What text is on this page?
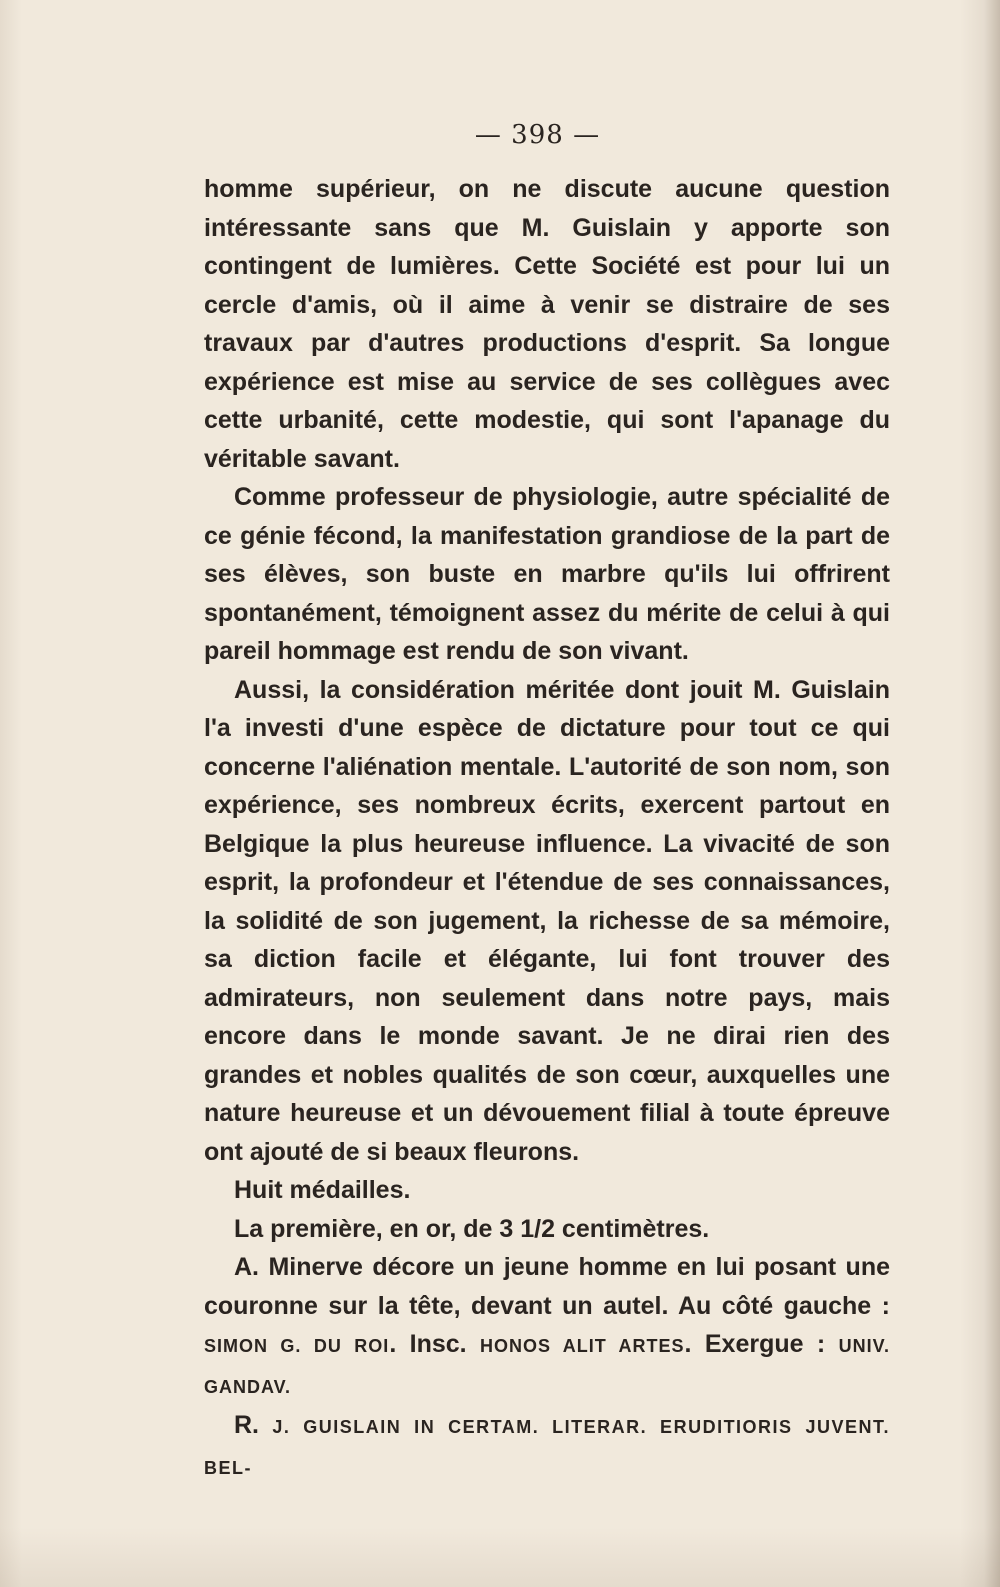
— 398 —

homme supérieur, on ne discute aucune question intéressante sans que M. Guislain y apporte son contingent de lumières. Cette Société est pour lui un cercle d'amis, où il aime à venir se distraire de ses travaux par d'autres productions d'esprit. Sa longue expérience est mise au service de ses collègues avec cette urbanité, cette modestie, qui sont l'apanage du véritable savant.

Comme professeur de physiologie, autre spécialité de ce génie fécond, la manifestation grandiose de la part de ses élèves, son buste en marbre qu'ils lui offrirent spontanément, témoignent assez du mérite de celui à qui pareil hommage est rendu de son vivant.

Aussi, la considération méritée dont jouit M. Guislain l'a investi d'une espèce de dictature pour tout ce qui concerne l'aliénation mentale. L'autorité de son nom, son expérience, ses nombreux écrits, exercent partout en Belgique la plus heureuse influence. La vivacité de son esprit, la profondeur et l'étendue de ses connaissances, la solidité de son jugement, la richesse de sa mémoire, sa diction facile et élégante, lui font trouver des admirateurs, non seulement dans notre pays, mais encore dans le monde savant. Je ne dirai rien des grandes et nobles qualités de son cœur, auxquelles une nature heureuse et un dévouement filial à toute épreuve ont ajouté de si beaux fleurons.

Huit médailles.

La première, en or, de 3 1/2 centimètres.

A. Minerve décore un jeune homme en lui posant une couronne sur la tête, devant un autel. Au côté gauche : SIMON G. DU ROI. Insc. HONOS ALIT ARTES. Exergue : UNIV. GANDAV.

R. J. GUISLAIN IN CERTAM. LITERAR. ERUDITIORIS JUVENT. BEL-
